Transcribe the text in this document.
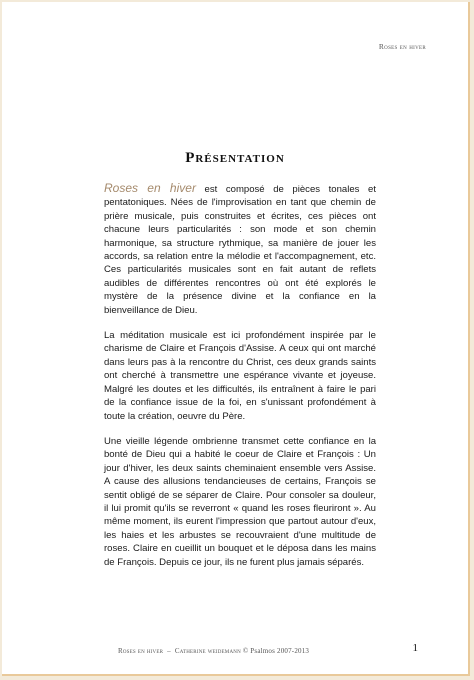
Roses en hiver
Présentation

Roses en hiver est composé de pièces tonales et pentatoniques. Nées de l'improvisation en tant que chemin de prière musicale, puis construites et écrites, ces pièces ont chacune leurs particularités : son mode et son chemin harmonique, sa structure rythmique, sa manière de jouer les accords, sa relation entre la mélodie et l'accompagnement, etc. Ces particularités musicales sont en fait autant de reflets audibles de différentes rencontres où ont été explorés le mystère de la présence divine et la confiance en la bienveillance de Dieu.

La méditation musicale est ici profondément inspirée par le charisme de Claire et François d'Assise. A ceux qui ont marché dans leurs pas à la rencontre du Christ, ces deux grands saints ont cherché à transmettre une espérance vivante et joyeuse. Malgré les doutes et les difficultés, ils entraînent à faire le pari de la confiance issue de la foi, en s'unissant profondément à toute la création, oeuvre du Père.

Une vieille légende ombrienne transmet cette confiance en la bonté de Dieu qui a habité le coeur de Claire et François : Un jour d'hiver, les deux saints cheminaient ensemble vers Assise. A cause des allusions tendancieuses de certains, François se sentit obligé de se séparer de Claire. Pour consoler sa douleur, il lui promit qu'ils se reverront « quand les roses fleuriront ». Au même moment, ils eurent l'impression que partout autour d'eux, les haies et les arbustes se recouvraient d'une multitude de roses. Claire en cueillit un bouquet et le déposa dans les mains de François. Depuis ce jour, ils ne furent plus jamais séparés.

Roses en hiver – Catherine weidemann © Psalmos 2007-2013	1
